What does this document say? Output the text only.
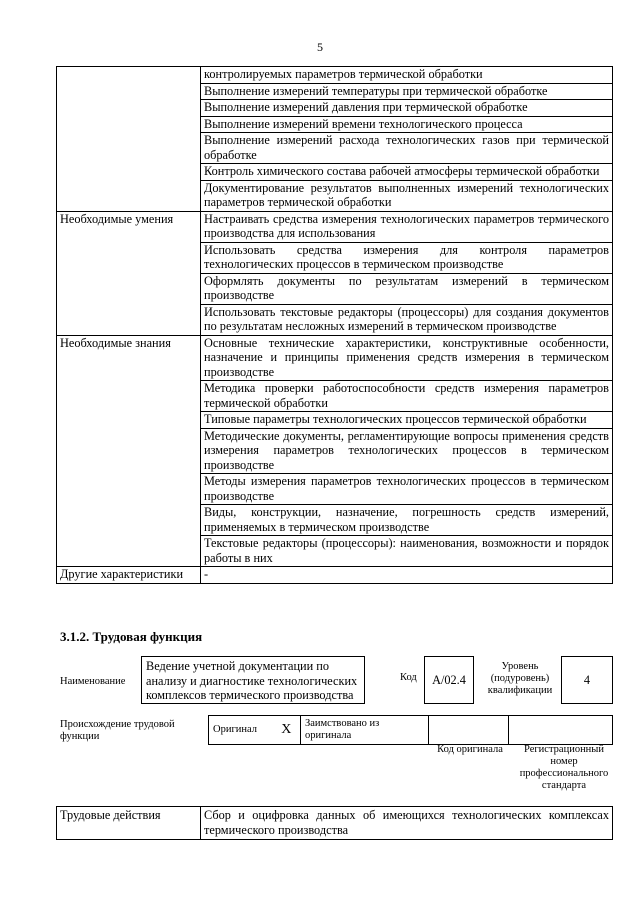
5
	контролируемых параметров термической обработки
	Выполнение измерений температуры при термической обработке
	Выполнение измерений давления при термической обработке
	Выполнение измерений времени технологического процесса
	Выполнение измерений расхода технологических газов при термической обработке
	Контроль химического состава рабочей атмосферы термической обработки
	Документирование результатов выполненных измерений технологических параметров термической обработки
Необходимые умения	Настраивать средства измерения технологических параметров термического производства для использования
	Использовать средства измерения для контроля параметров технологических процессов в термическом производстве
	Оформлять документы по результатам измерений в термическом производстве
	Использовать текстовые редакторы (процессоры) для создания документов по результатам несложных измерений в термическом производстве
Необходимые знания	Основные технические характеристики, конструктивные особенности, назначение и принципы применения средств измерения в термическом производстве
	Методика проверки работоспособности средств измерения параметров термической обработки
	Типовые параметры технологических процессов термической обработки
	Методические документы, регламентирующие вопросы применения средств измерения параметров технологических процессов в термическом производстве
	Методы измерения параметров технологических процессов в термическом производстве
	Виды, конструкции, назначение, погрешность средств измерений, применяемых в термическом производстве
	Текстовые редакторы (процессоры): наименования, возможности и порядок работы в них
Другие характеристики	-
3.1.2. Трудовая функция
Наименование
Ведение учетной документации по анализу и диагностике технологических комплексов термического производства
Код A/02.4
Уровень (подуровень) квалификации
4
Происхождение трудовой функции
Оригинал	X	Заимствовано из оригинала		
Код оригинала	Регистрационный номер профессионального стандарта
Трудовые действия	Сбор и оцифровка данных об имеющихся технологических комплексах термического производства
